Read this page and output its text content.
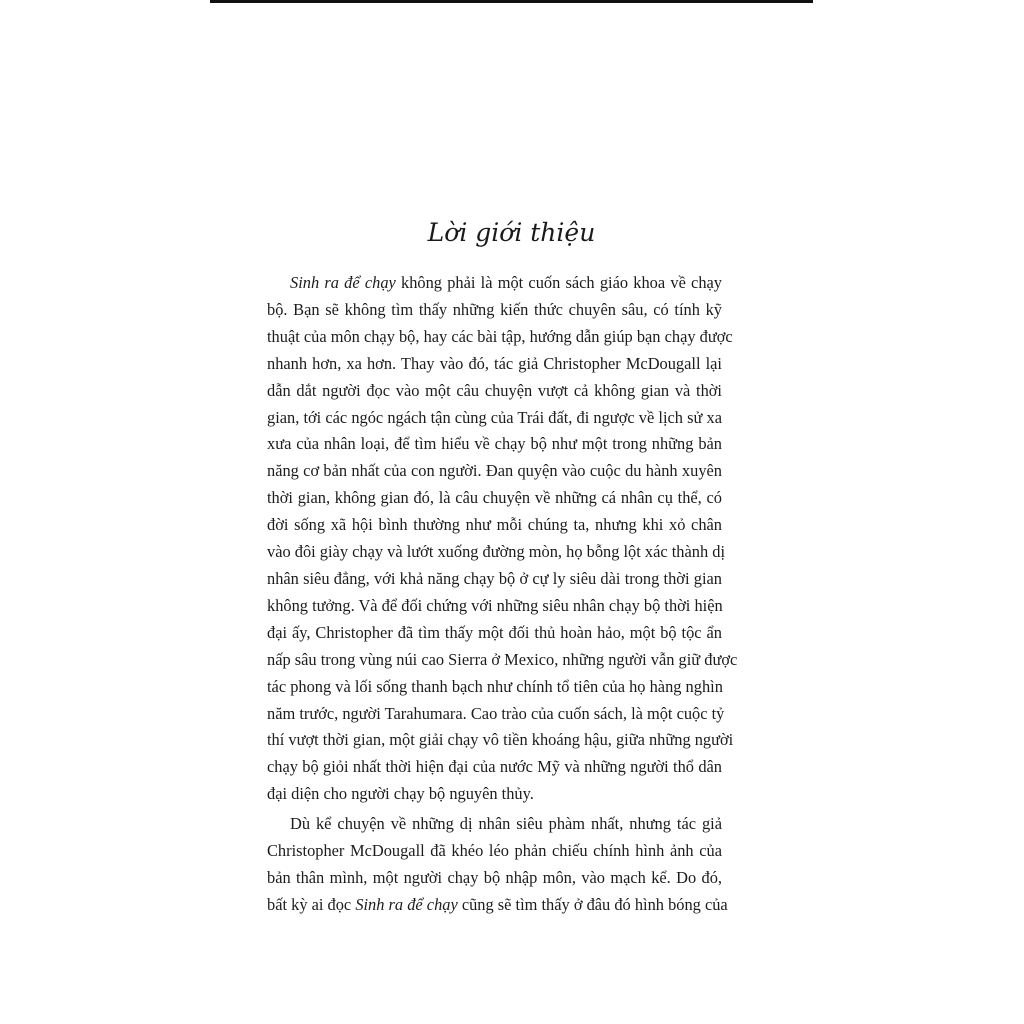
Lời giới thiệu

Sinh ra để chạy không phải là một cuốn sách giáo khoa về chạy
bộ. Bạn sẽ không tìm thấy những kiến thức chuyên sâu, có tính kỹ
thuật của môn chạy bộ, hay các bài tập, hướng dẫn giúp bạn chạy được
nhanh hơn, xa hơn. Thay vào đó, tác giả Christopher McDougall lại
dẫn dắt người đọc vào một câu chuyện vượt cả không gian và thời
gian, tới các ngóc ngách tận cùng của Trái đất, đi ngược về lịch sử xa
xưa của nhân loại, để tìm hiểu về chạy bộ như một trong những bản
năng cơ bản nhất của con người. Đan quyện vào cuộc du hành xuyên
thời gian, không gian đó, là câu chuyện về những cá nhân cụ thể, có
đời sống xã hội bình thường như mỗi chúng ta, nhưng khi xỏ chân
vào đôi giày chạy và lướt xuống đường mòn, họ bỗng lột xác thành dị
nhân siêu đẳng, với khả năng chạy bộ ở cự ly siêu dài trong thời gian
không tưởng. Và để đối chứng với những siêu nhân chạy bộ thời hiện
đại ấy, Christopher đã tìm thấy một đối thủ hoàn hảo, một bộ tộc ẩn
nấp sâu trong vùng núi cao Sierra ở Mexico, những người vẫn giữ được
tác phong và lối sống thanh bạch như chính tổ tiên của họ hàng nghìn
năm trước, người Tarahumara. Cao trào của cuốn sách, là một cuộc tỷ
thí vượt thời gian, một giải chạy vô tiền khoáng hậu, giữa những người
chạy bộ giỏi nhất thời hiện đại của nước Mỹ và những người thổ dân
đại diện cho người chạy bộ nguyên thủy.

Dù kể chuyện về những dị nhân siêu phàm nhất, nhưng tác giả
Christopher McDougall đã khéo léo phản chiếu chính hình ảnh của
bản thân mình, một người chạy bộ nhập môn, vào mạch kể. Do đó,
bất kỳ ai đọc Sinh ra để chạy cũng sẽ tìm thấy ở đâu đó hình bóng của
